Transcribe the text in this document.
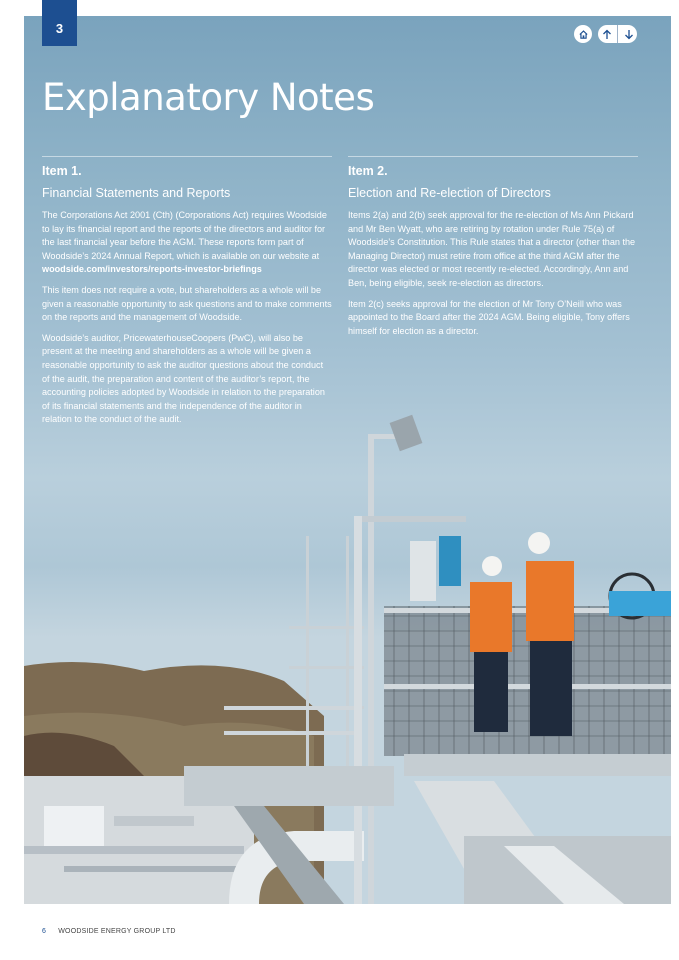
3
Explanatory Notes
Item 1.
Financial Statements and Reports

The Corporations Act 2001 (Cth) (Corporations Act) requires Woodside to lay its financial report and the reports of the directors and auditor for the last financial year before the AGM. These reports form part of Woodside’s 2024 Annual Report, which is available on our website at woodside.com/investors/reports-investor-briefings

This item does not require a vote, but shareholders as a whole will be given a reasonable opportunity to ask questions and to make comments on the reports and the management of Woodside.

Woodside’s auditor, PricewaterhouseCoopers (PwC), will also be present at the meeting and shareholders as a whole will be given a reasonable opportunity to ask the auditor questions about the conduct of the audit, the preparation and content of the auditor’s report, the accounting policies adopted by Woodside in relation to the preparation of its financial statements and the independence of the auditor in relation to the conduct of the audit.

Item 2.
Election and Re-election of Directors

Items 2(a) and 2(b) seek approval for the re-election of Ms Ann Pickard and Mr Ben Wyatt, who are retiring by rotation under Rule 75(a) of Woodside’s Constitution. This Rule states that a director (other than the Managing Director) must retire from office at the third AGM after the director was elected or most recently re-elected. Accordingly, Ann and Ben, being eligible, seek re-election as directors.

Item 2(c) seeks approval for the election of Mr Tony O’Neill who was appointed to the Board after the 2024 AGM. Being eligible, Tony offers himself for election as a director.

6 WOODSIDE ENERGY GROUP LTD
